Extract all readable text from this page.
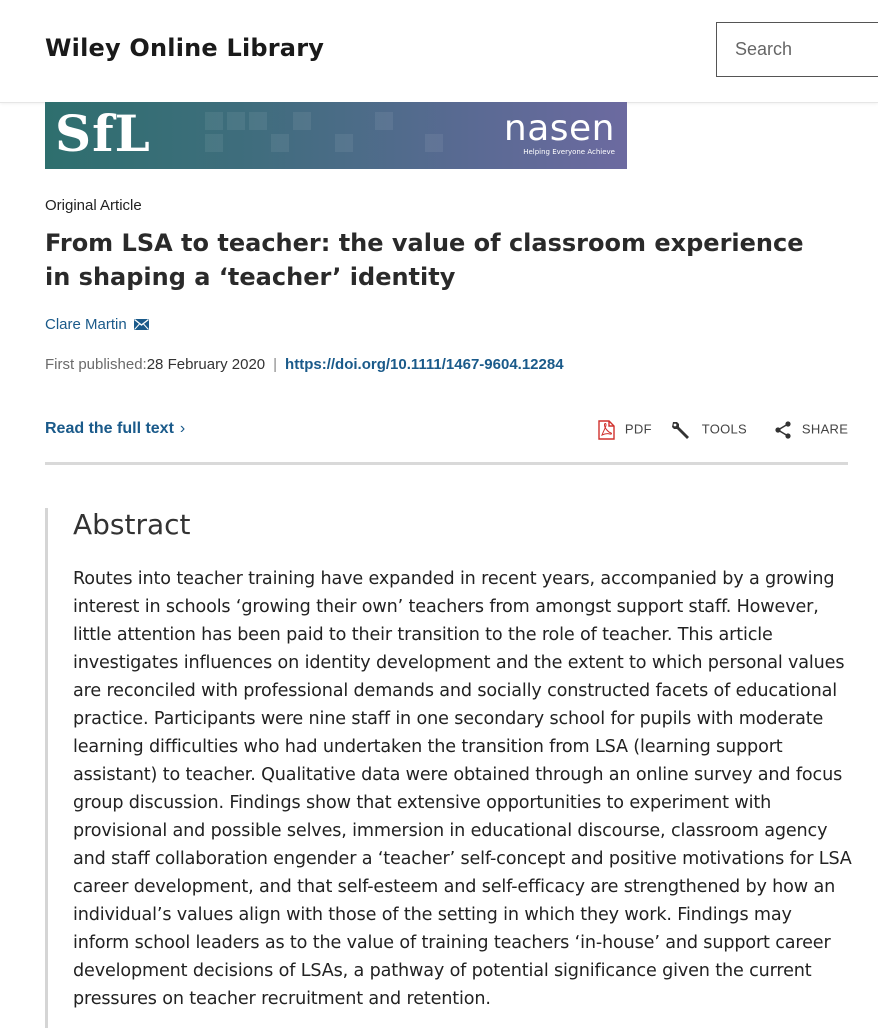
Wiley Online Library
Search
SfL	nasen
Helping Everyone Achieve
Original Article
From LSA to teacher: the value of classroom experience in shaping a ‘teacher’ identity
Clare Martin
First published:28 February 2020 | https://doi.org/10.1111/1467-9604.12284
Read the full text ›	PDF	TOOLS	SHARE
Abstract

Routes into teacher training have expanded in recent years, accompanied by a growing interest in schools ‘growing their own’ teachers from amongst support staff. However, little attention has been paid to their transition to the role of teacher. This article investigates influences on identity development and the extent to which personal values are reconciled with professional demands and socially constructed facets of educational practice. Participants were nine staff in one secondary school for pupils with moderate learning difficulties who had undertaken the transition from LSA (learning support assistant) to teacher. Qualitative data were obtained through an online survey and focus group discussion. Findings show that extensive opportunities to experiment with provisional and possible selves, immersion in educational discourse, classroom agency and staff collaboration engender a ‘teacher’ self-concept and positive motivations for LSA career development, and that self-esteem and self-efficacy are strengthened by how an individual’s values align with those of the setting in which they work. Findings may inform school leaders as to the value of training teachers ‘in-house’ and support career development decisions of LSAs, a pathway of potential significance given the current pressures on teacher recruitment and retention.
